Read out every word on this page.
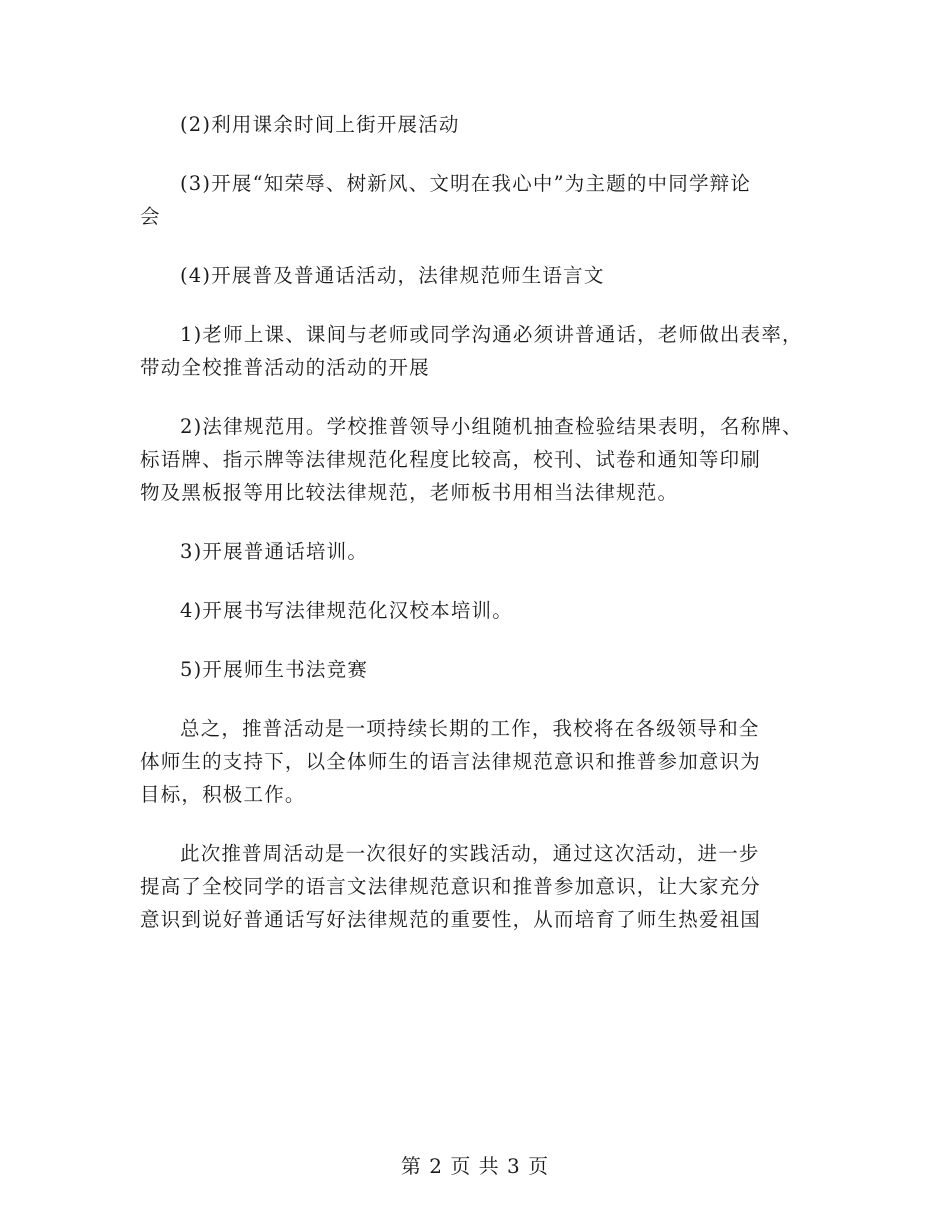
(2)利用课余时间上街开展活动

(3)开展“知荣辱、树新风、文明在我心中”为主题的中同学辩论
会

(4)开展普及普通话活动，法律规范师生语言文

1)老师上课、课间与老师或同学沟通必须讲普通话，老师做出表率，
带动全校推普活动的活动的开展

2)法律规范用。学校推普领导小组随机抽查检验结果表明，名称牌、
标语牌、指示牌等法律规范化程度比较高，校刊、试卷和通知等印刷
物及黑板报等用比较法律规范，老师板书用相当法律规范。

3)开展普通话培训。

4)开展书写法律规范化汉校本培训。

5)开展师生书法竞赛

总之，推普活动是一项持续长期的工作，我校将在各级领导和全
体师生的支持下，以全体师生的语言法律规范意识和推普参加意识为
目标，积极工作。

此次推普周活动是一次很好的实践活动，通过这次活动，进一步
提高了全校同学的语言文法律规范意识和推普参加意识，让大家充分
意识到说好普通话写好法律规范的重要性，从而培育了师生热爱祖国

第 2 页 共 3 页
